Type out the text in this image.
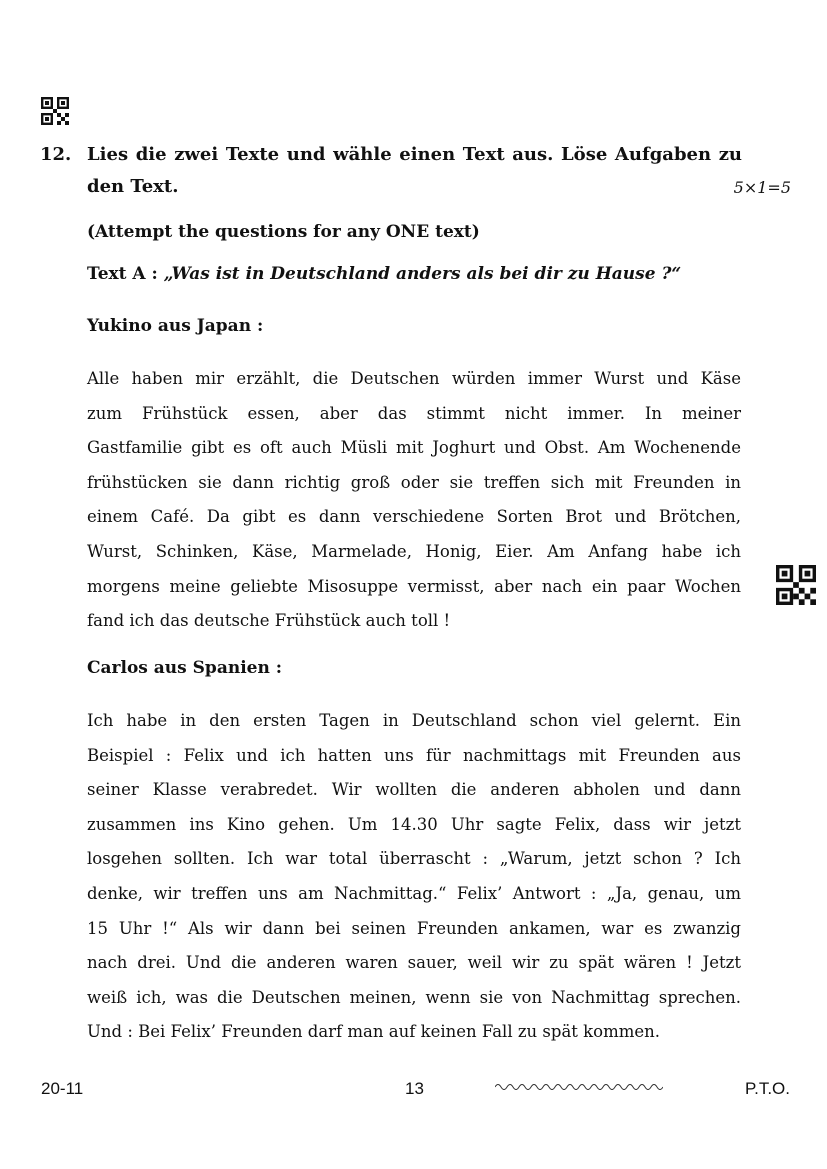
12. Lies die zwei Texte und wähle einen Text aus. Löse Aufgaben zu
den Text.	5×1=5
(Attempt the questions for any ONE text)
Text A : „Was ist in Deutschland anders als bei dir zu Hause ?“
Yukino aus Japan :
Alle haben mir erzählt, die Deutschen würden immer Wurst und Käse
zum Frühstück essen, aber das stimmt nicht immer. In meiner
Gastfamilie gibt es oft auch Müsli mit Joghurt und Obst. Am Wochenende
frühstücken sie dann richtig groß oder sie treffen sich mit Freunden in
einem Café. Da gibt es dann verschiedene Sorten Brot und Brötchen,
Wurst, Schinken, Käse, Marmelade, Honig, Eier. Am Anfang habe ich
morgens meine geliebte Misosuppe vermisst, aber nach ein paar Wochen
fand ich das deutsche Frühstück auch toll !
Carlos aus Spanien :
Ich habe in den ersten Tagen in Deutschland schon viel gelernt. Ein
Beispiel : Felix und ich hatten uns für nachmittags mit Freunden aus
seiner Klasse verabredet. Wir wollten die anderen abholen und dann
zusammen ins Kino gehen. Um 14.30 Uhr sagte Felix, dass wir jetzt
losgehen sollten. Ich war total überrascht : „Warum, jetzt schon ? Ich
denke, wir treffen uns am Nachmittag.“ Felix’ Antwort : „Ja, genau, um
15 Uhr !“ Als wir dann bei seinen Freunden ankamen, war es zwanzig
nach drei. Und die anderen waren sauer, weil wir zu spät wären ! Jetzt
weiß ich, was die Deutschen meinen, wenn sie von Nachmittag sprechen.
Und : Bei Felix’ Freunden darf man auf keinen Fall zu spät kommen.
20-11	13	P.T.O.
